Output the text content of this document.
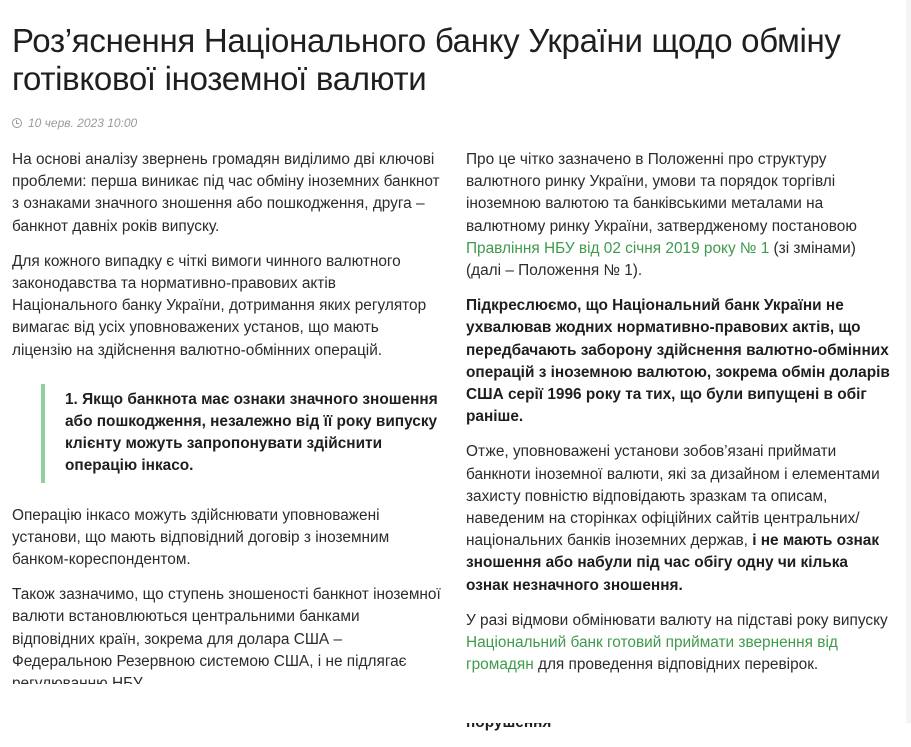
Роз’яснення Національного банку України щодо обміну готівкової іноземної валюти
10 черв. 2023 10:00

На основі аналізу звернень громадян виділимо дві ключові проблеми: перша виникає під час обміну іноземних банкнот з ознаками значного зношення або пошкодження, друга – банкнот давніх років випуску.

Для кожного випадку є чіткі вимоги чинного валютного законодавства та нормативно-правових актів Національного банку України, дотримання яких регулятор вимагає від усіх уповноважених установ, що мають ліцензію на здійснення валютно-обмінних операцій.

1. Якщо банкнота має ознаки значного зношення або пошкодження, незалежно від її року випуску клієнту можуть запропонувати здійснити операцію інкасо.

Операцію інкасо можуть здійснювати уповноважені установи, що мають відповідний договір з іноземним банком-кореспондентом.

Також зазначимо, що ступень зношеності банкнот іноземної валюти встановлюються центральними банками відповідних країн, зокрема для долара США – Федеральною Резервною системою США, і не підлягає

Про це чітко зазначено в Положенні про структуру валютного ринку України, умови та порядок торгівлі іноземною валютою та банківськими металами на валютному ринку України, затвердженому постановою Правління НБУ від 02 січня 2019 року № 1 (зі змінами) (далі – Положення № 1).

Підкреслюємо, що Національний банк України не ухвалював жодних нормативно-правових актів, що передбачають заборону здійснення валютно-обмінних операцій з іноземною валютою, зокрема обмін доларів США серії 1996 року та тих, що були випущені в обіг раніше.

Отже, уповноважені установи зобов’язані приймати банкноти іноземної валюти, які за дизайном і елементами захисту повністю відповідають зразкам та описам, наведеним на сторінках офіційних сайтів центральних/національних банків іноземних держав, і не мають ознак зношення або набули під час обігу одну чи кілька ознак незначного зношення.

У разі відмови обмінювати валюту на підставі року випуску Національний банк готовий приймати звернення від громадян для проведення відповідних перевірок.
